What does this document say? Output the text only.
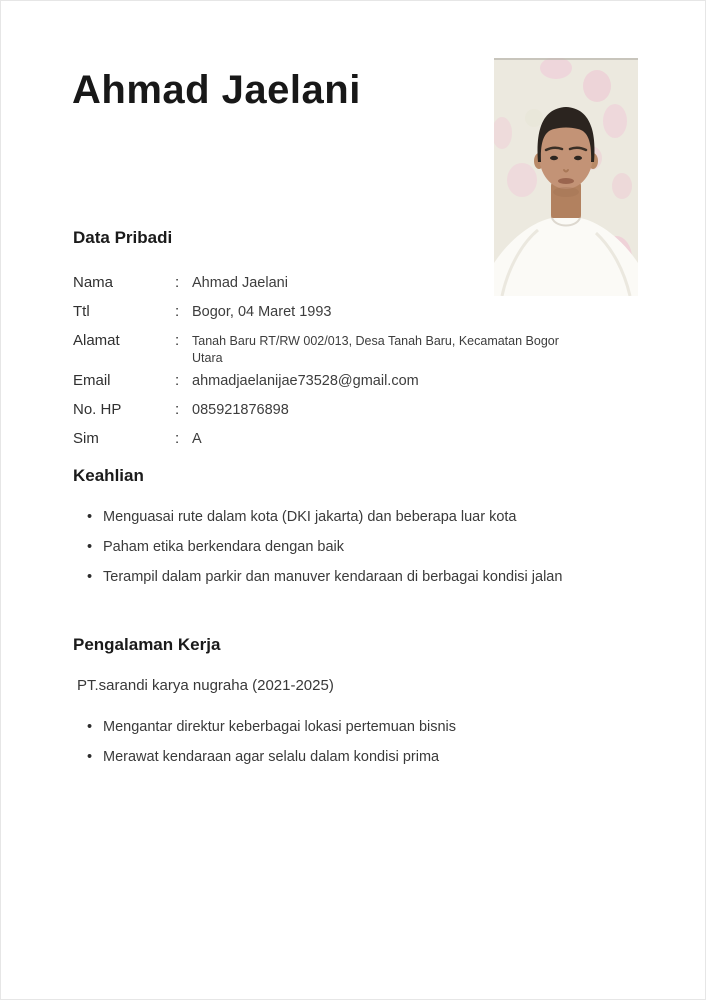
Ahmad Jaelani
Data Pribadi
Nama	: Ahmad Jaelani
Ttl	: Bogor, 04 Maret 1993
Alamat	:	Tanah Baru RT/RW 002/013, Desa Tanah Baru, Kecamatan Bogor Utara
Email	: ahmadjaelanijae73528@gmail.com
No. HP	: 085921876898
Sim	: A
Keahlian
• Menguasai rute dalam kota (DKI jakarta) dan beberapa luar kota
• Paham etika berkendara dengan baik
• Terampil dalam parkir dan manuver kendaraan di berbagai kondisi jalan
Pengalaman Kerja
PT.sarandi karya nugraha (2021-2025)
• Mengantar direktur keberbagai lokasi pertemuan bisnis
• Merawat kendaraan agar selalu dalam kondisi prima
